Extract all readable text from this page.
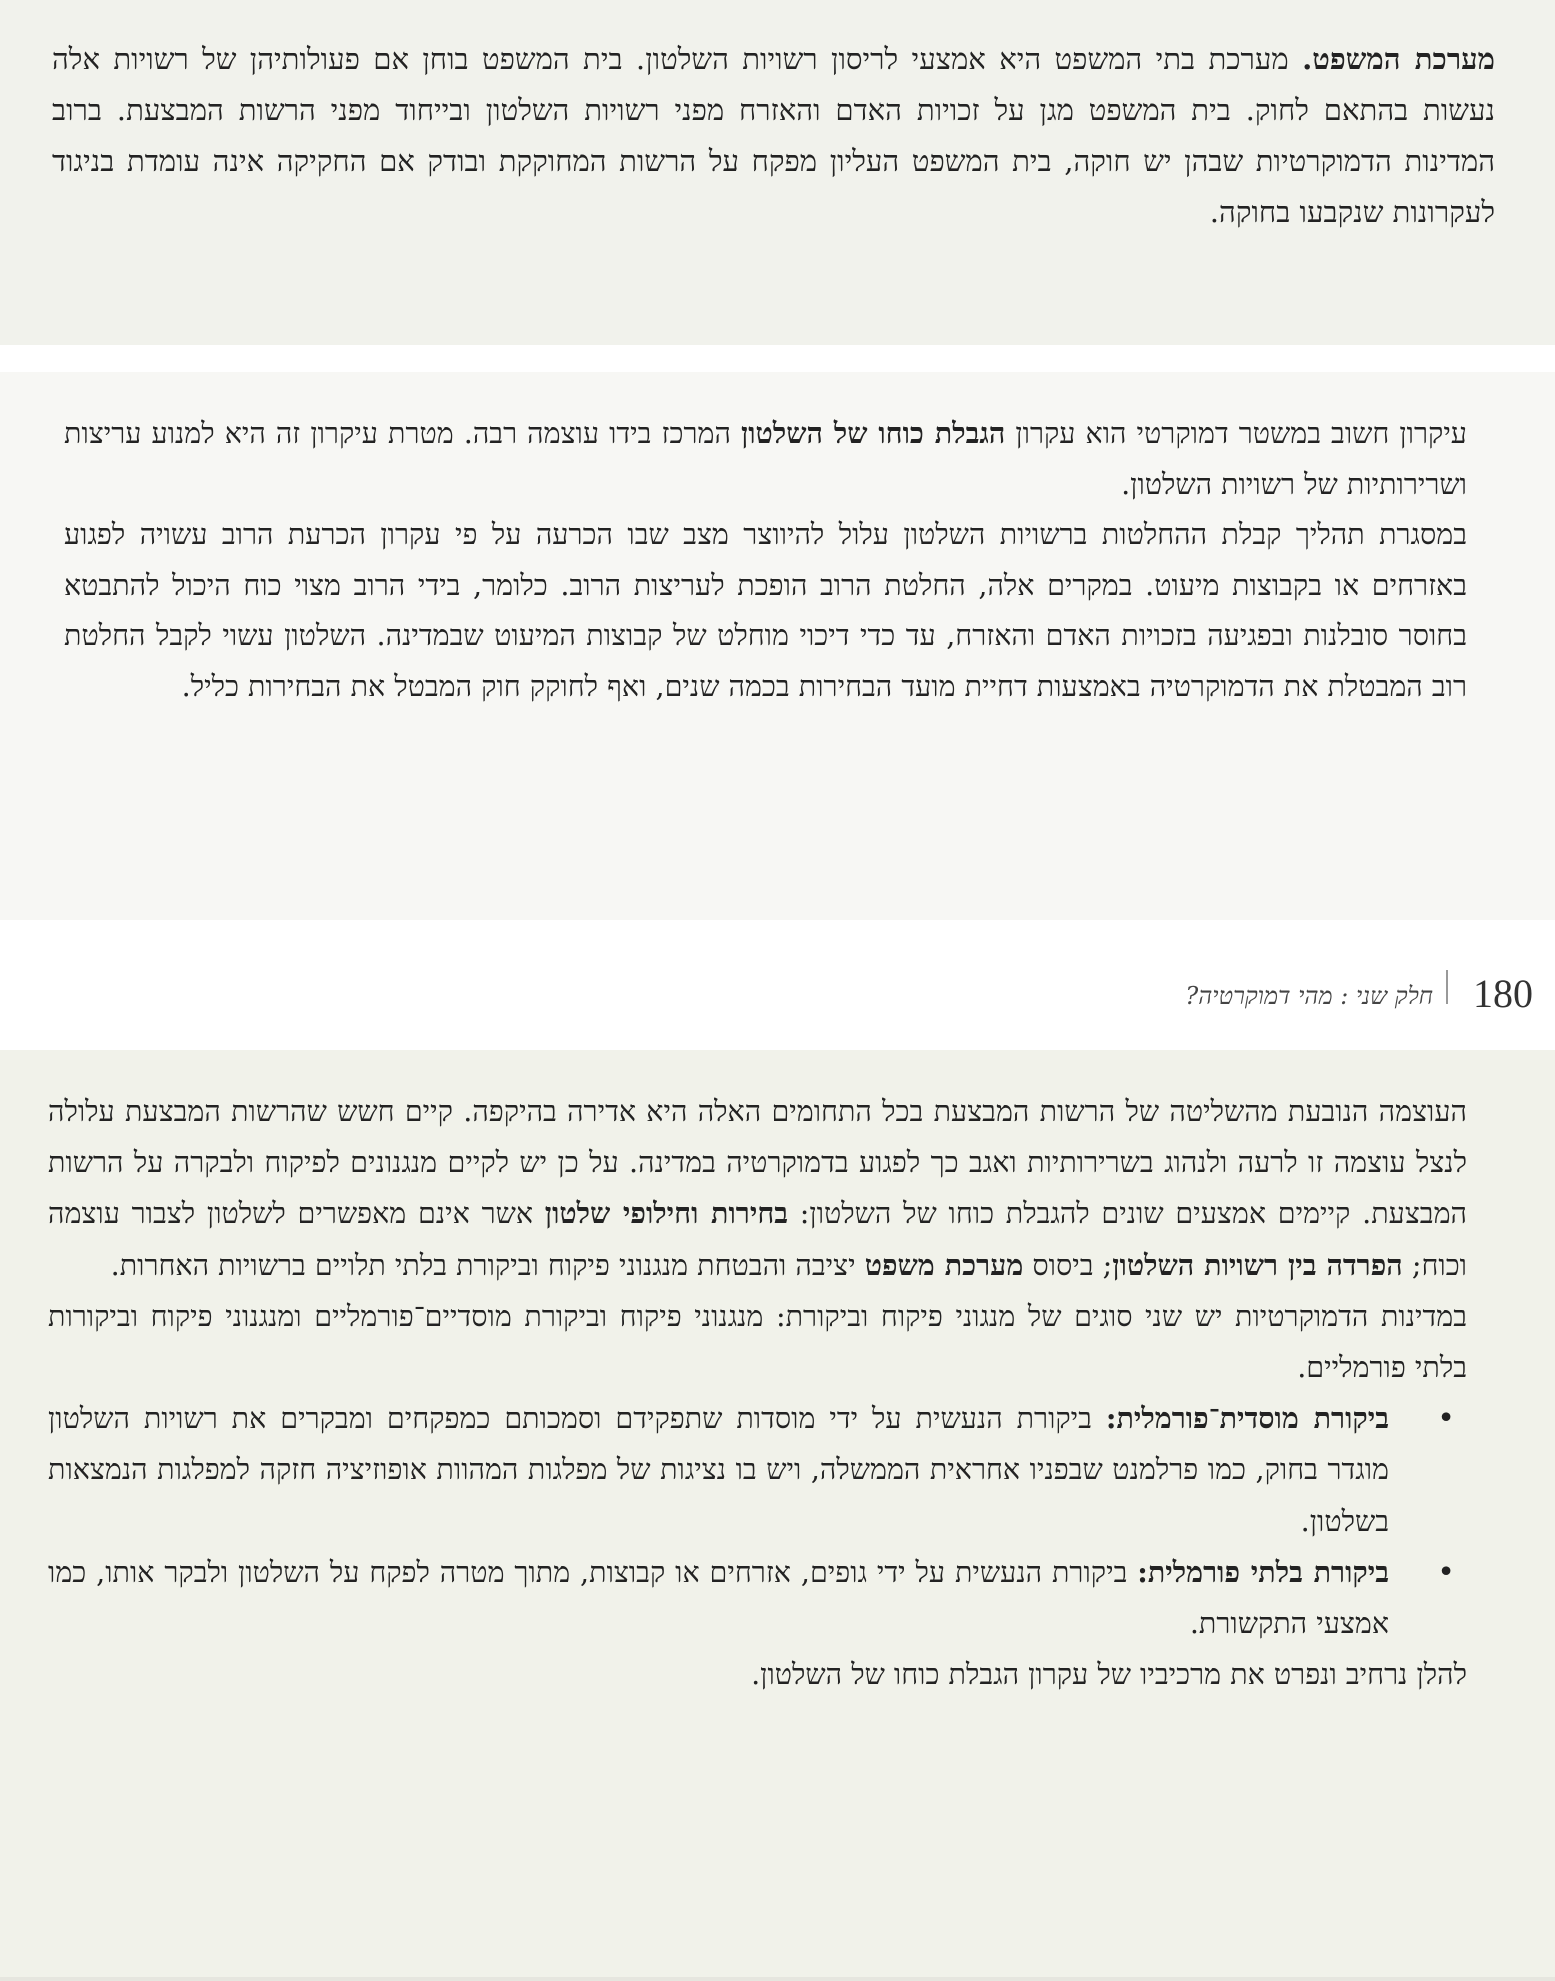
מערכת המשפט. מערכת בתי המשפט היא אמצעי לריסון רשויות השלטון. בית המשפט בוחן אם פעולותיהן של רשויות אלה נעשות בהתאם לחוק. בית המשפט מגן על זכויות האדם והאזרח מפני רשויות השלטון ובייחוד מפני הרשות המבצעת. ברוב המדינות הדמוקרטיות שבהן יש חוקה, בית המשפט העליון מפקח על הרשות המחוקקת ובודק אם החקיקה אינה עומדת בניגוד לעקרונות שנקבעו בחוקה.

עיקרון חשוב במשטר דמוקרטי הוא עקרון הגבלת כוחו של השלטון המרכז בידו עוצמה רבה. מטרת עיקרון זה היא למנוע עריצות ושרירותיות של רשויות השלטון.

במסגרת תהליך קבלת ההחלטות ברשויות השלטון עלול להיווצר מצב שבו הכרעה על פי עקרון הכרעת הרוב עשויה לפגוע באזרחים או בקבוצות מיעוט. במקרים אלה, החלטת הרוב הופכת לעריצות הרוב. כלומר, בידי הרוב מצוי כוח היכול להתבטא בחוסר סובלנות ובפגיעה בזכויות האדם והאזרח, עד כדי דיכוי מוחלט של קבוצות המיעוט שבמדינה. השלטון עשוי לקבל החלטת רוב המבטלת את הדמוקרטיה באמצעות דחיית מועד הבחירות בכמה שנים, ואף לחוקק חוק המבטל את הבחירות כליל.

180
חלק שני : מהי דמוקרטיה?

העוצמה הנובעת מהשליטה של הרשות המבצעת בכל התחומים האלה היא אדירה בהיקפה. קיים חשש שהרשות המבצעת עלולה לנצל עוצמה זו לרעה ולנהוג בשרירותיות ואגב כך לפגוע בדמוקרטיה במדינה. על כן יש לקיים מנגנונים לפיקוח ולבקרה על הרשות המבצעת. קיימים אמצעים שונים להגבלת כוחו של השלטון: בחירות וחילופי שלטון אשר אינם מאפשרים לשלטון לצבור עוצמה וכוח; הפרדה בין רשויות השלטון; ביסוס מערכת משפט יציבה והבטחת מנגנוני פיקוח וביקורת בלתי תלויים ברשויות האחרות.

במדינות הדמוקרטיות יש שני סוגים של מנגוני פיקוח וביקורת: מנגנוני פיקוח וביקורת מוסדיים־פורמליים ומנגנוני פיקוח וביקורות בלתי פורמליים.

•
ביקורת מוסדית־פורמלית: ביקורת הנעשית על ידי מוסדות שתפקידם וסמכותם כמפקחים ומבקרים את רשויות השלטון מוגדר בחוק, כמו פרלמנט שבפניו אחראית הממשלה, ויש בו נציגות של מפלגות המהוות אופוזיציה חזקה למפלגות הנמצאות בשלטון.
•
ביקורת בלתי פורמלית: ביקורת הנעשית על ידי גופים, אזרחים או קבוצות, מתוך מטרה לפקח על השלטון ולבקר אותו, כמו אמצעי התקשורת.

להלן נרחיב ונפרט את מרכיביו של עקרון הגבלת כוחו של השלטון.
